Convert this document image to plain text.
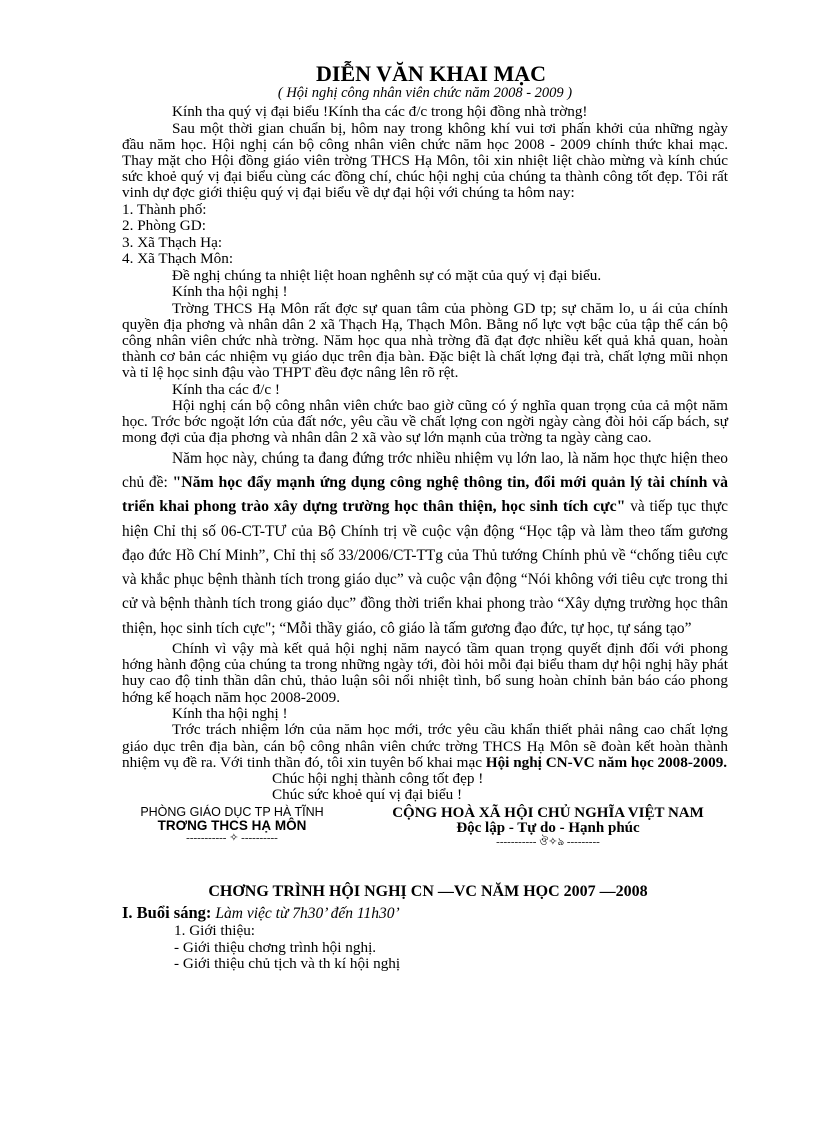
DIỄN VĂN KHAI MẠC
( Hội nghị công nhân viên chức năm 2008 - 2009 )

Kính tha quý vị đại biểu !Kính tha các đ/c trong hội đồng nhà trờng!

Sau một thời gian chuẩn bị, hôm nay trong không khí vui tơi phấn khởi của những ngày đầu năm học. Hội nghị cán bộ công nhân viên chức năm học 2008 - 2009 chính thức khai mạc. Thay mặt cho Hội đồng giáo viên trờng THCS Hạ Môn, tôi xin nhiệt liệt chào mừng và kính chúc sức khoẻ quý vị đại biểu cùng các đồng chí, chúc hội nghị của chúng ta thành công tốt đẹp. Tôi rất vinh dự đợc giới thiệu quý vị đại biểu về dự đại hội với chúng ta hôm nay:

1. Thành phố:

2. Phòng GD:

3. Xã Thạch Hạ:

4. Xã Thạch Môn:

Đề nghị chúng ta nhiệt liệt hoan nghênh sự có mặt của quý vị đại biểu.

Kính tha hội nghị !

Trờng THCS Hạ Môn rất đợc sự quan tâm của phòng GD tp; sự chăm lo, u ái của chính quyền địa phơng và nhân dân 2 xã Thạch Hạ, Thạch Môn. Bằng nổ lực vợt bậc của tập thể cán bộ công nhân viên chức nhà trờng. Năm học qua nhà trờng đã đạt đợc nhiều kết quả khả quan, hoàn thành cơ bản các nhiệm vụ giáo dục trên địa bàn. Đặc biệt là chất lợng đại trà, chất lợng mũi nhọn và tỉ lệ học sinh đậu vào THPT đều đợc nâng lên rõ rệt.

Kính tha các đ/c !

Hội nghị cán bộ công nhân viên chức bao giờ cũng có ý nghĩa quan trọng của cả một năm học. Trớc bớc ngoặt lớn của đất nớc, yêu cầu về chất lợng con ngời ngày càng đòi hỏi cấp bách, sự mong đợi của địa phơng và nhân dân 2 xã vào sự lớn mạnh của trờng ta ngày càng cao.

Năm học này, chúng ta đang đứng trớc nhiều nhiệm vụ lớn lao, là năm học thực hiện theo chủ đề: "Năm học đẩy mạnh ứng dụng công nghệ thông tin, đổi mới quản lý tài chính và triển khai phong trào xây dựng trường học thân thiện, học sinh tích cực" và tiếp tục thực hiện Chỉ thị số 06-CT-TƯ của Bộ Chính trị về cuộc vận động “Học tập và làm theo tấm gương đạo đức Hồ Chí Minh”, Chỉ thị số 33/2006/CT-TTg của Thủ tướng Chính phủ về “chống tiêu cực và khắc phục bệnh thành tích trong giáo dục” và cuộc vận động “Nói không với tiêu cực trong thi cử và bệnh thành tích trong giáo dục” đồng thời triển khai phong trào “Xây dựng trường học thân thiện, học sinh tích cực"; “Mỗi thầy giáo, cô giáo là tấm gương đạo đức, tự học, tự sáng tạo”

Chính vì vậy mà kết quả hội nghị năm naycó tầm quan trọng quyết định đối với phong hớng hành động của chúng ta trong những ngày tới, đòi hỏi mỗi đại biểu tham dự hội nghị hãy phát huy cao độ tinh thần dân chủ, thảo luận sôi nổi nhiệt tình, bổ sung hoàn chỉnh bản báo cáo phong hớng kế hoạch năm học 2008-2009.

Kính tha hội nghị !

Trớc trách nhiệm lớn của năm học mới, trớc yêu cầu khẩn thiết phải nâng cao chất lợng giáo dục trên địa bàn, cán bộ công nhân viên chức trờng THCS Hạ Môn sẽ đoàn kết hoàn thành nhiệm vụ đề ra. Với tinh thần đó, tôi xin tuyên bố khai mạc Hội nghị CN-VC năm học 2008-2009.

Chúc hội nghị thành công tốt đẹp !

Chúc sức khoẻ quí vị đại biểu !

PHÒNG GIÁO DỤC TP HÀ TĨNH
TRƠNG THCS HẠ MÔN
----------- ✧ ----------
CỘNG HOÀ XÃ HỘI CHỦ NGHĨA VIỆT NAM
Độc lập - Tự do - Hạnh phúc
----------- ঔ✧ঌ ---------
CHƠNG TRÌNH HỘI NGHỊ CN —VC NĂM HỌC 2007 —2008
I. Buổi sáng: Làm việc từ 7h30’ đến 11h30’

1. Giới thiệu:

- Giới thiệu chơng trình hội nghị.

- Giới thiệu chủ tịch và th kí hội nghị
